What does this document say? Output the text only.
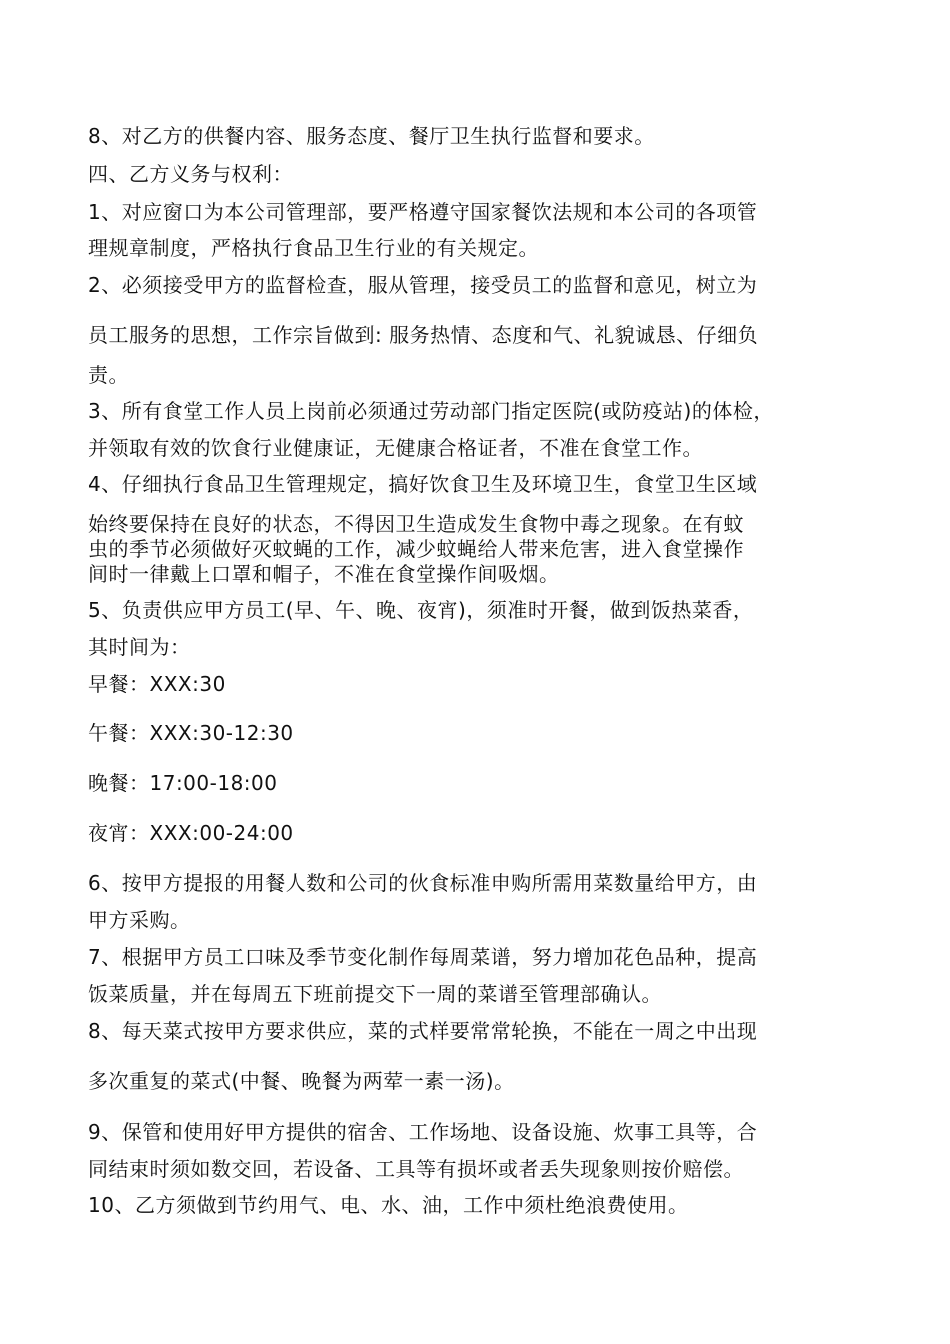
8、对乙方的供餐内容、服务态度、餐厅卫生执行监督和要求。
四、乙方义务与权利：
1、对应窗口为本公司管理部，要严格遵守国家餐饮法规和本公司的各项管
理规章制度，严格执行食品卫生行业的有关规定。
2、必须接受甲方的监督检查，服从管理，接受员工的监督和意见，树立为
员工服务的思想，工作宗旨做到: 服务热情、态度和气、礼貌诚恳、仔细负
责。
3、所有食堂工作人员上岗前必须通过劳动部门指定医院(或防疫站)的体检，
并领取有效的饮食行业健康证，无健康合格证者，不准在食堂工作。
4、仔细执行食品卫生管理规定，搞好饮食卫生及环境卫生，食堂卫生区域
始终要保持在良好的状态，不得因卫生造成发生食物中毒之现象。在有蚊
虫的季节必须做好灭蚊蝇的工作，减少蚊蝇给人带来危害，进入食堂操作
间时一律戴上口罩和帽子，不准在食堂操作间吸烟。
5、负责供应甲方员工(早、午、晚、夜宵)，须准时开餐，做到饭热菜香，
其时间为：
早餐：XXX:30
午餐：XXX:30-12:30
晚餐：17:00-18:00
夜宵：XXX:00-24:00
6、按甲方提报的用餐人数和公司的伙食标准申购所需用菜数量给甲方，由
甲方采购。
7、根据甲方员工口味及季节变化制作每周菜谱，努力增加花色品种，提高
饭菜质量，并在每周五下班前提交下一周的菜谱至管理部确认。
8、每天菜式按甲方要求供应，菜的式样要常常轮换，不能在一周之中出现
多次重复的菜式(中餐、晚餐为两荤一素一汤)。
9、保管和使用好甲方提供的宿舍、工作场地、设备设施、炊事工具等，合
同结束时须如数交回，若设备、工具等有损坏或者丢失现象则按价赔偿。
10、乙方须做到节约用气、电、水、油，工作中须杜绝浪费使用。
